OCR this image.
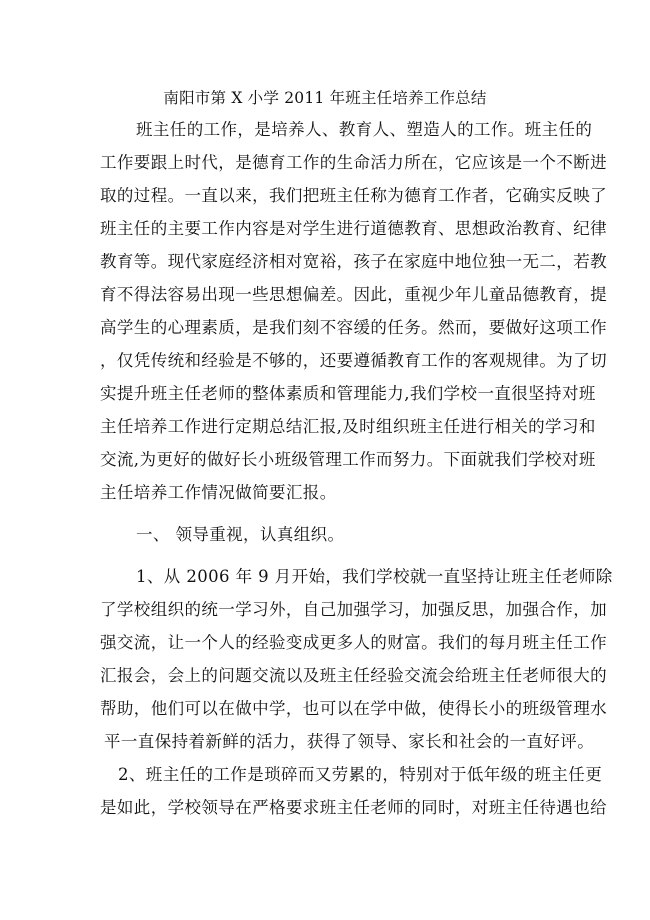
南阳市第 X 小学 2011 年班主任培养工作总结
班主任的工作，是培养人、教育人、塑造人的工作。班主任的
工作要跟上时代，是德育工作的生命活力所在，它应该是一个不断进
取的过程。一直以来，我们把班主任称为德育工作者，它确实反映了
班主任的主要工作内容是对学生进行道德教育、思想政治教育、纪律
教育等。现代家庭经济相对宽裕，孩子在家庭中地位独一无二，若教
育不得法容易出现一些思想偏差。因此，重视少年儿童品德教育，提
高学生的心理素质，是我们刻不容缓的任务。然而，要做好这项工作
，仅凭传统和经验是不够的，还要遵循教育工作的客观规律。为了切
实提升班主任老师的整体素质和管理能力,我们学校一直很坚持对班
主任培养工作进行定期总结汇报,及时组织班主任进行相关的学习和
交流,为更好的做好长小班级管理工作而努力。下面就我们学校对班
主任培养工作情况做简要汇报。
一、 领导重视，认真组织。
1、从 2006 年 9 月开始，我们学校就一直坚持让班主任老师除
了学校组织的统一学习外，自己加强学习，加强反思，加强合作，加
强交流，让一个人的经验变成更多人的财富。我们的每月班主任工作
汇报会，会上的问题交流以及班主任经验交流会给班主任老师很大的
帮助，他们可以在做中学，也可以在学中做，使得长小的班级管理水
平一直保持着新鲜的活力，获得了领导、家长和社会的一直好评。
2、班主任的工作是琐碎而又劳累的，特别对于低年级的班主任更
是如此，学校领导在严格要求班主任老师的同时，对班主任待遇也给
